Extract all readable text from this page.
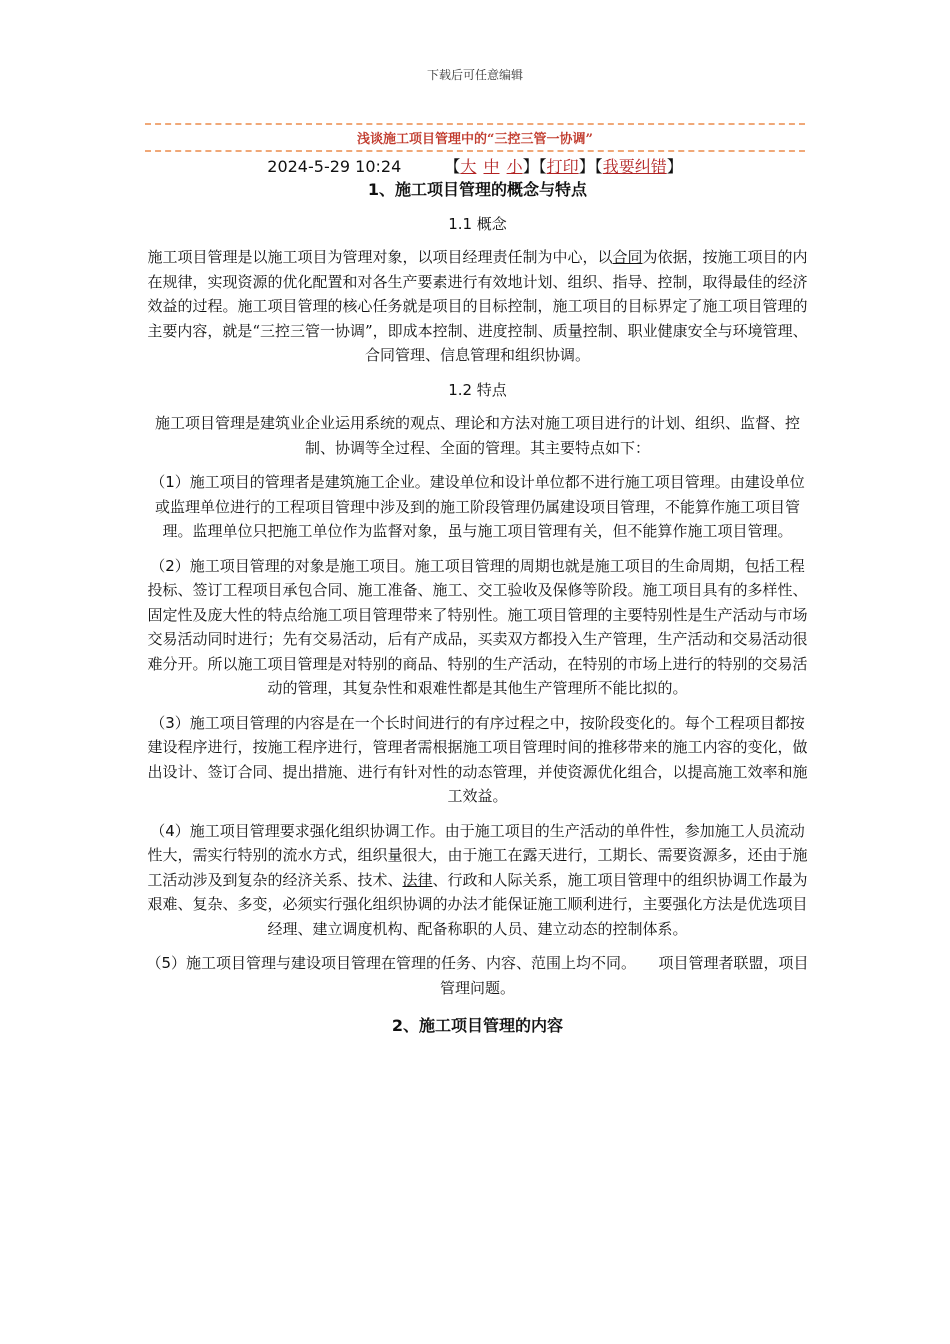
下载后可任意编辑
浅谈施工项目管理中的“三控三管一协调”
2024-5-29 10:24	【大 中 小】【打印】【我要纠错】
1、施工项目管理的概念与特点
1.1 概念

施工项目管理是以施工项目为管理对象，以项目经理责任制为中心，以合同为依据，按施工项目的内在规律，实现资源的优化配置和对各生产要素进行有效地计划、组织、指导、控制，取得最佳的经济效益的过程。施工项目管理的核心任务就是项目的目标控制，施工项目的目标界定了施工项目管理的主要内容，就是“三控三管一协调”，即成本控制、进度控制、质量控制、职业健康安全与环境管理、合同管理、信息管理和组织协调。

1.2 特点

施工项目管理是建筑业企业运用系统的观点、理论和方法对施工项目进行的计划、组织、监督、控制、协调等全过程、全面的管理。其主要特点如下：

（1）施工项目的管理者是建筑施工企业。建设单位和设计单位都不进行施工项目管理。由建设单位或监理单位进行的工程项目管理中涉及到的施工阶段管理仍属建设项目管理，不能算作施工项目管理。监理单位只把施工单位作为监督对象，虽与施工项目管理有关，但不能算作施工项目管理。

（2）施工项目管理的对象是施工项目。施工项目管理的周期也就是施工项目的生命周期，包括工程投标、签订工程项目承包合同、施工准备、施工、交工验收及保修等阶段。施工项目具有的多样性、固定性及庞大性的特点给施工项目管理带来了特别性。施工项目管理的主要特别性是生产活动与市场交易活动同时进行；先有交易活动，后有产成品，买卖双方都投入生产管理，生产活动和交易活动很难分开。所以施工项目管理是对特别的商品、特别的生产活动，在特别的市场上进行的特别的交易活动的管理，其复杂性和艰难性都是其他生产管理所不能比拟的。

（3）施工项目管理的内容是在一个长时间进行的有序过程之中，按阶段变化的。每个工程项目都按建设程序进行，按施工程序进行，管理者需根据施工项目管理时间的推移带来的施工内容的变化，做出设计、签订合同、提出措施、进行有针对性的动态管理，并使资源优化组合，以提高施工效率和施工效益。

（4）施工项目管理要求强化组织协调工作。由于施工项目的生产活动的单件性，参加施工人员流动性大，需实行特别的流水方式，组织量很大，由于施工在露天进行，工期长、需要资源多，还由于施工活动涉及到复杂的经济关系、技术、法律、行政和人际关系，施工项目管理中的组织协调工作最为艰难、复杂、多变，必须实行强化组织协调的办法才能保证施工顺利进行，主要强化方法是优选项目经理、建立调度机构、配备称职的人员、建立动态的控制体系。

（5）施工项目管理与建设项目管理在管理的任务、内容、范围上均不同。　　项目管理者联盟，项目管理问题。

2、施工项目管理的内容
